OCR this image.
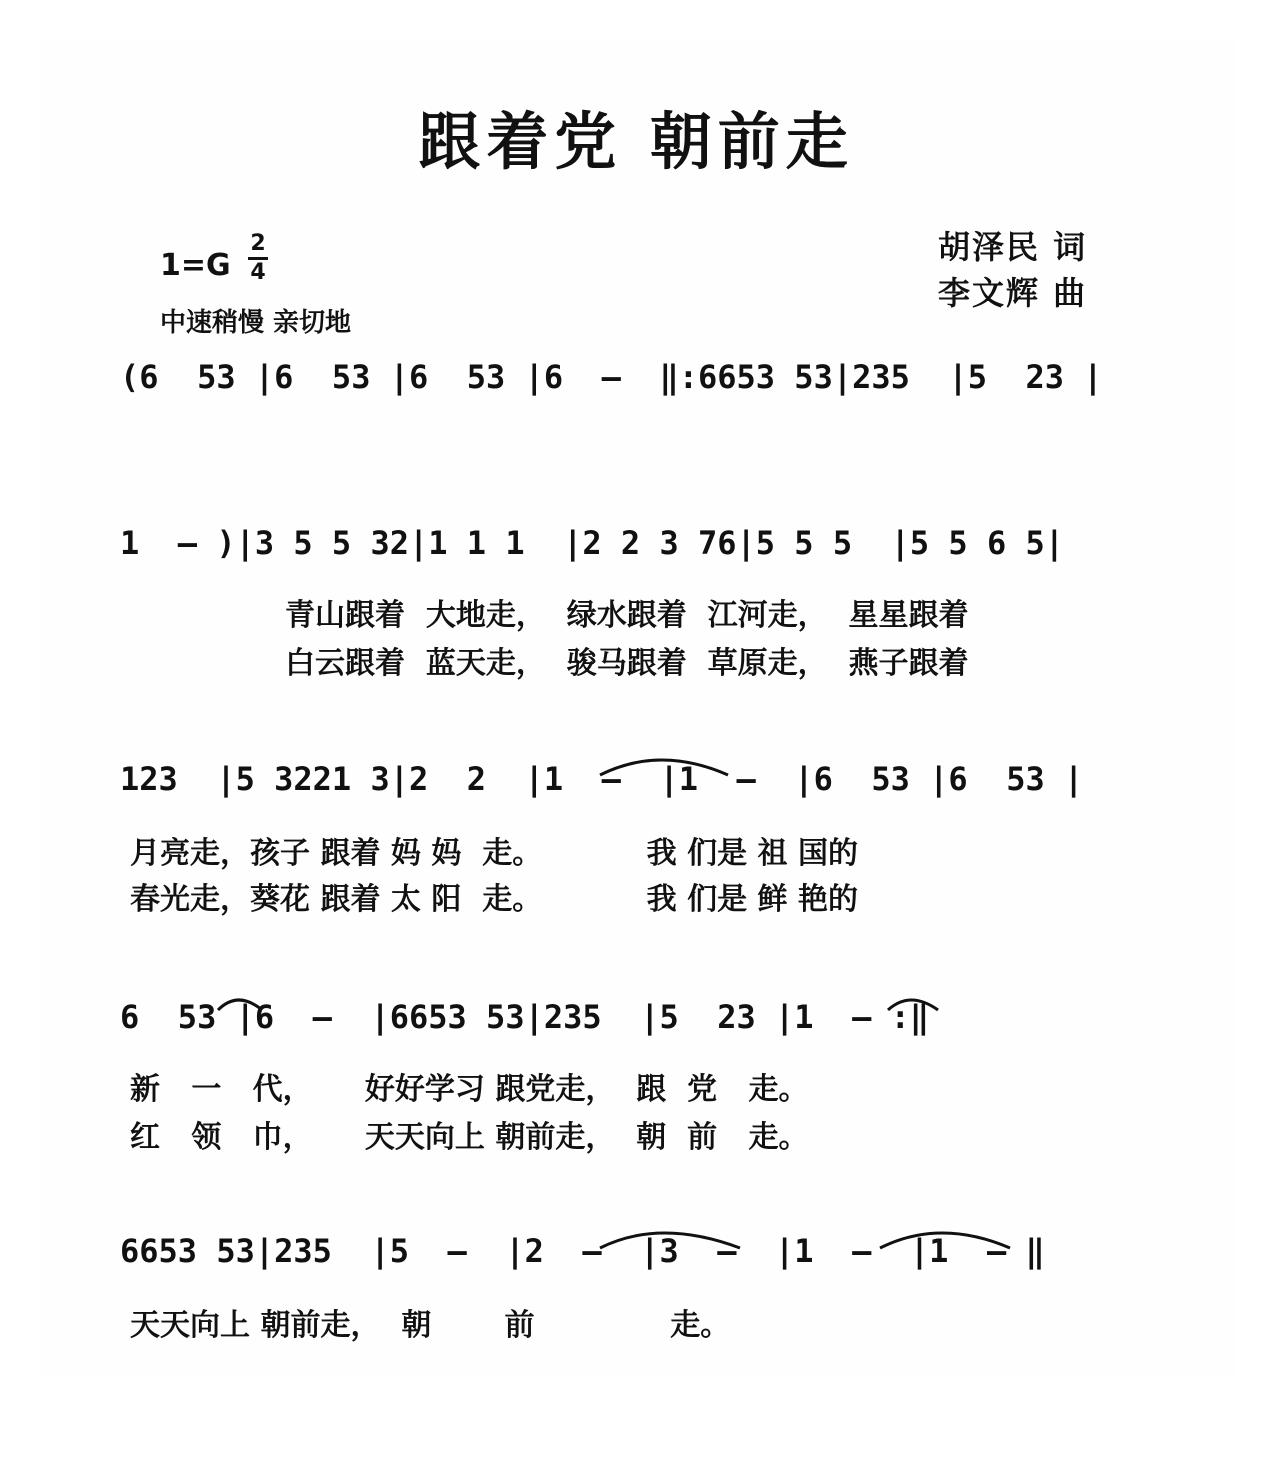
跟着党 朝前走
胡泽民 词
李文辉 曲
1=G
2
4
中速稍慢 亲切地
(6  53 |6  53 |6  53 |6  –  ‖:6653 53|235  |5  23 |
1  – )|3 5 5 32|1 1 1  |2 2 3 76|5 5 5  |5 5 6 5|
青山跟着  大地走，  绿水跟着  江河走，  星星跟着
白云跟着  蓝天走，  骏马跟着  草原走，  燕子跟着
123  |5 3221 3|2  2  |1  –  |1  –  |6  53 |6  53 |
月亮走，孩子 跟着 妈 妈  走。          我 们是 祖 国的
春光走，葵花 跟着 太 阳  走。          我 们是 鲜 艳的
6  53 |6  –  |6653 53|235  |5  23 |1  – :‖
新   一   代，     好好学习 跟党走，  跟  党   走。
红   领   巾，     天天向上 朝前走，  朝  前   走。
6653 53|235  |5  –  |2  –  |3  –  |1  –  |1  – ‖
天天向上 朝前走，  朝       前             走。
